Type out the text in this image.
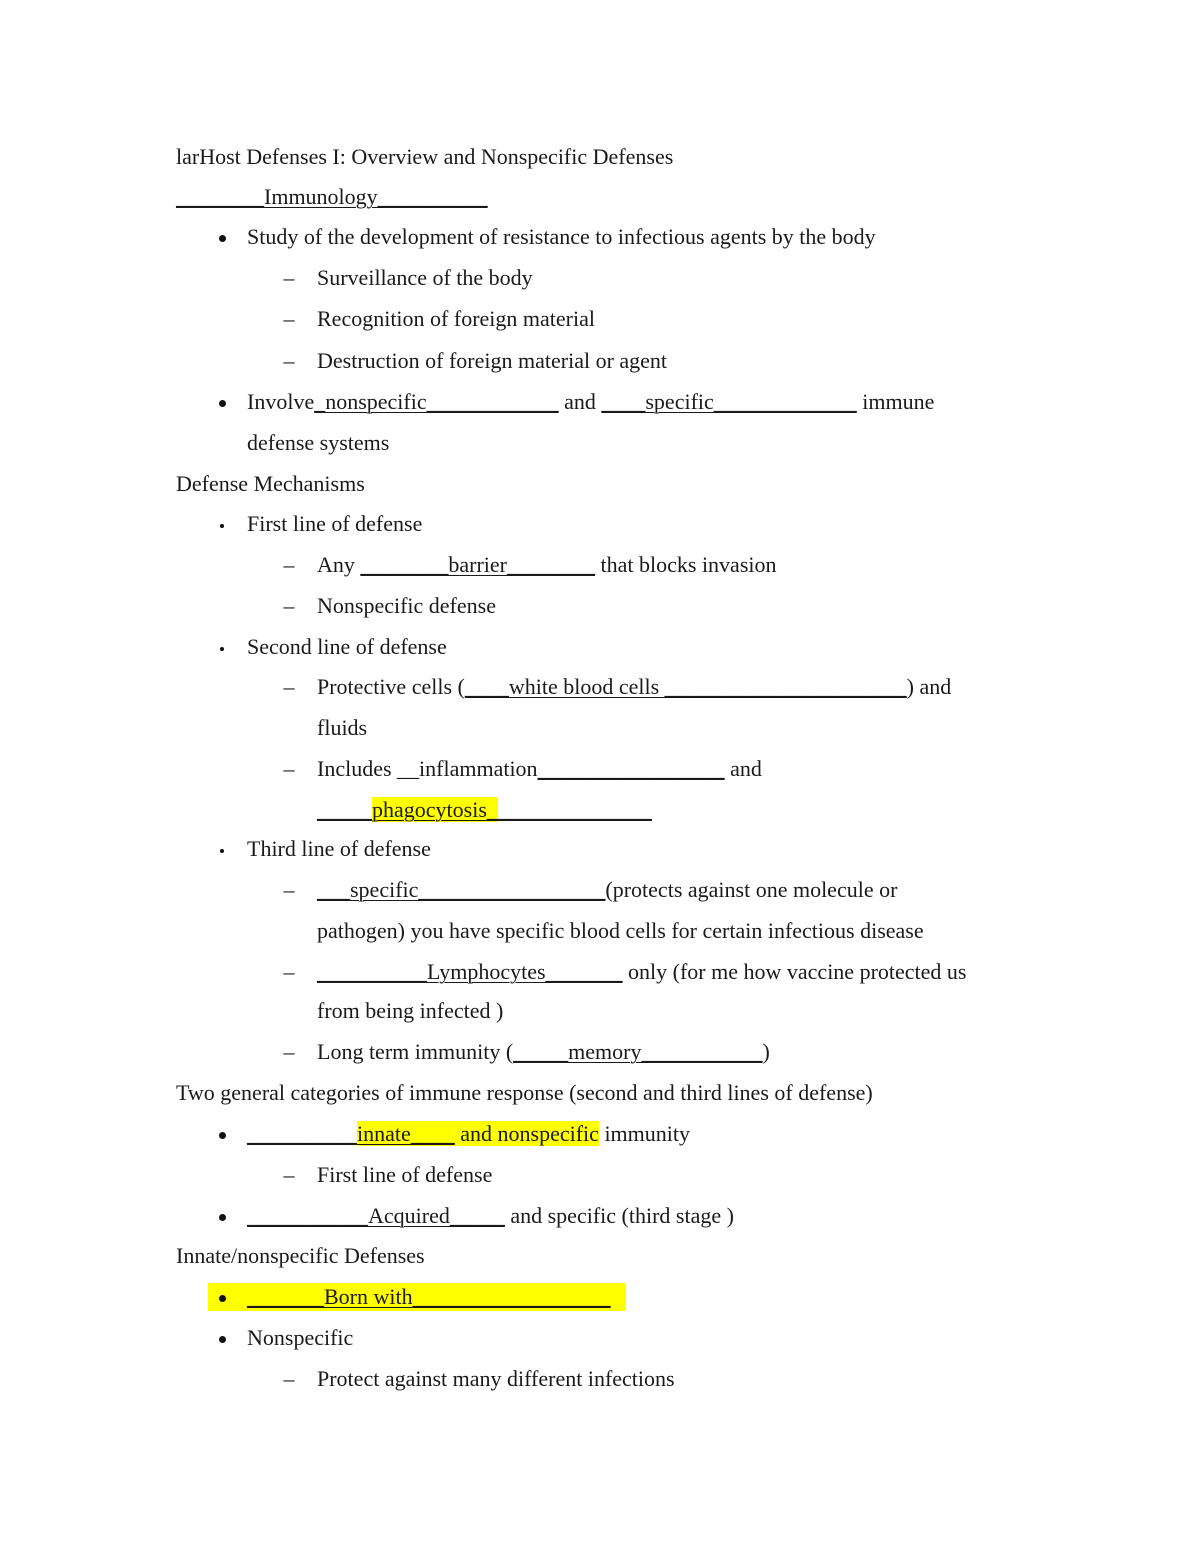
larHost Defenses I: Overview and Nonspecific Defenses
________Immunology__________
Study of the development of resistance to infectious agents by the body
– Surveillance of the body
– Recognition of foreign material
– Destruction of foreign material or agent
Involve_nonspecific____________ and ____specific_____________ immune
defense systems
Defense Mechanisms
First line of defense
– Any ________barrier________ that blocks invasion
– Nonspecific defense
Second line of defense
– Protective cells (____white blood cells ______________________) and
fluids
– Includes __inflammation_________________ and
_____phagocytosis_______________
Third line of defense
– ___specific_________________(protects against one molecule or
pathogen) you have specific blood cells for certain infectious disease
– __________Lymphocytes_______ only (for me how vaccine protected us
from being infected )
– Long term immunity (_____memory___________)
Two general categories of immune response (second and third lines of defense)
__________innate____ and nonspecific immunity
– First line of defense
___________Acquired_____ and specific (third stage )
Innate/nonspecific Defenses
_______Born with__________________
Nonspecific
– Protect against many different infections
